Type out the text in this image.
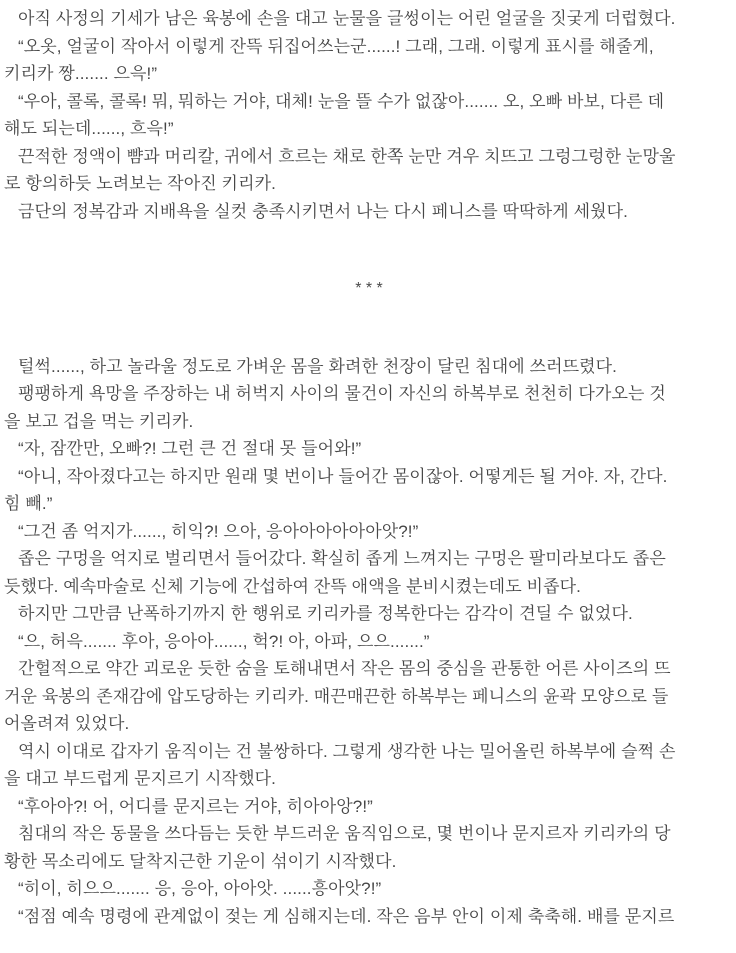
아직 사정의 기세가 남은 육봉에 손을 대고 눈물을 글썽이는 어린 얼굴을 짓궂게 더럽혔다.
“오옷, 얼굴이 작아서 이렇게 잔뜩 뒤집어쓰는군......! 그래, 그래. 이렇게 표시를 해줄게,
키리카 짱....... 으윽!”
“우아, 콜록, 콜록! 뭐, 뭐하는 거야, 대체! 눈을 뜰 수가 없잖아....... 오, 오빠 바보, 다른 데
해도 되는데......, 흐윽!”
끈적한 정액이 뺨과 머리칼, 귀에서 흐르는 채로 한쪽 눈만 겨우 치뜨고 그렁그렁한 눈망울
로 항의하듯 노려보는 작아진 키리카.
금단의 정복감과 지배욕을 실컷 충족시키면서 나는 다시 페니스를 딱딱하게 세웠다.
* * *
털썩......, 하고 놀라울 정도로 가벼운 몸을 화려한 천장이 달린 침대에 쓰러뜨렸다.
팽팽하게 욕망을 주장하는 내 허벅지 사이의 물건이 자신의 하복부로 천천히 다가오는 것
을 보고 겁을 먹는 키리카.
“자, 잠깐만, 오빠?! 그런 큰 건 절대 못 들어와!”
“아니, 작아졌다고는 하지만 원래 몇 번이나 들어간 몸이잖아. 어떻게든 될 거야. 자, 간다.
힘 빼.”
“그건 좀 억지가......, 히익?! 으아, 응아아아아아아앗?!”
좁은 구멍을 억지로 벌리면서 들어갔다. 확실히 좁게 느껴지는 구멍은 팔미라보다도 좁은
듯했다. 예속마술로 신체 기능에 간섭하여 잔뜩 애액을 분비시켰는데도 비좁다.
하지만 그만큼 난폭하기까지 한 행위로 키리카를 정복한다는 감각이 견딜 수 없었다.
“으, 허윽....... 후아, 응아아......, 헉?! 아, 아파, 으으.......”
간헐적으로 약간 괴로운 듯한 숨을 토해내면서 작은 몸의 중심을 관통한 어른 사이즈의 뜨
거운 육봉의 존재감에 압도당하는 키리카. 매끈매끈한 하복부는 페니스의 윤곽 모양으로 들
어올려져 있었다.
역시 이대로 갑자기 움직이는 건 불쌍하다. 그렇게 생각한 나는 밀어올린 하복부에 슬쩍 손
을 대고 부드럽게 문지르기 시작했다.
“후아아?! 어, 어디를 문지르는 거야, 히아아앙?!”
침대의 작은 동물을 쓰다듬는 듯한 부드러운 움직임으로, 몇 번이나 문지르자 키리카의 당
황한 목소리에도 달착지근한 기운이 섞이기 시작했다.
“히이, 히으으....... 응, 응아, 아아앗. ......흥아앗?!”
“점점 예속 명령에 관계없이 젖는 게 심해지는데. 작은 음부 안이 이제 축축해. 배를 문지르
